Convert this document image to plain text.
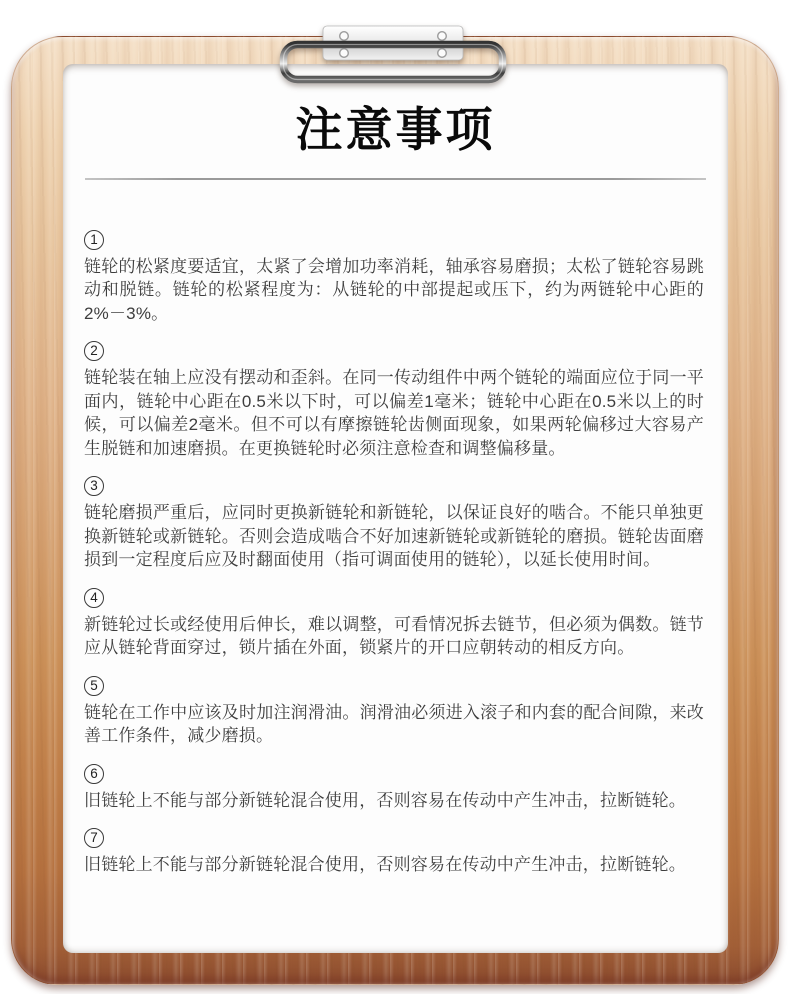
注意事项
1

链轮的松紧度要适宜，太紧了会增加功率消耗，轴承容易磨损；太松了链轮容易跳动和脱链。链轮的松紧程度为：从链轮的中部提起或压下，约为两链轮中心距的2%－3%。

2

链轮装在轴上应没有摆动和歪斜。在同一传动组件中两个链轮的端面应位于同一平面内，链轮中心距在0.5米以下时，可以偏差1毫米；链轮中心距在0.5米以上的时候，可以偏差2毫米。但不可以有摩擦链轮齿侧面现象，如果两轮偏移过大容易产生脱链和加速磨损。在更换链轮时必须注意检查和调整偏移量。

3

链轮磨损严重后，应同时更换新链轮和新链轮，以保证良好的啮合。不能只单独更换新链轮或新链轮。否则会造成啮合不好加速新链轮或新链轮的磨损。链轮齿面磨损到一定程度后应及时翻面使用（指可调面使用的链轮），以延长使用时间。

4

新链轮过长或经使用后伸长，难以调整，可看情况拆去链节，但必须为偶数。链节应从链轮背面穿过，锁片插在外面，锁紧片的开口应朝转动的相反方向。

5

链轮在工作中应该及时加注润滑油。润滑油必须进入滚子和内套的配合间隙，来改善工作条件，减少磨损。

6

旧链轮上不能与部分新链轮混合使用，否则容易在传动中产生冲击，拉断链轮。

7

旧链轮上不能与部分新链轮混合使用，否则容易在传动中产生冲击，拉断链轮。
